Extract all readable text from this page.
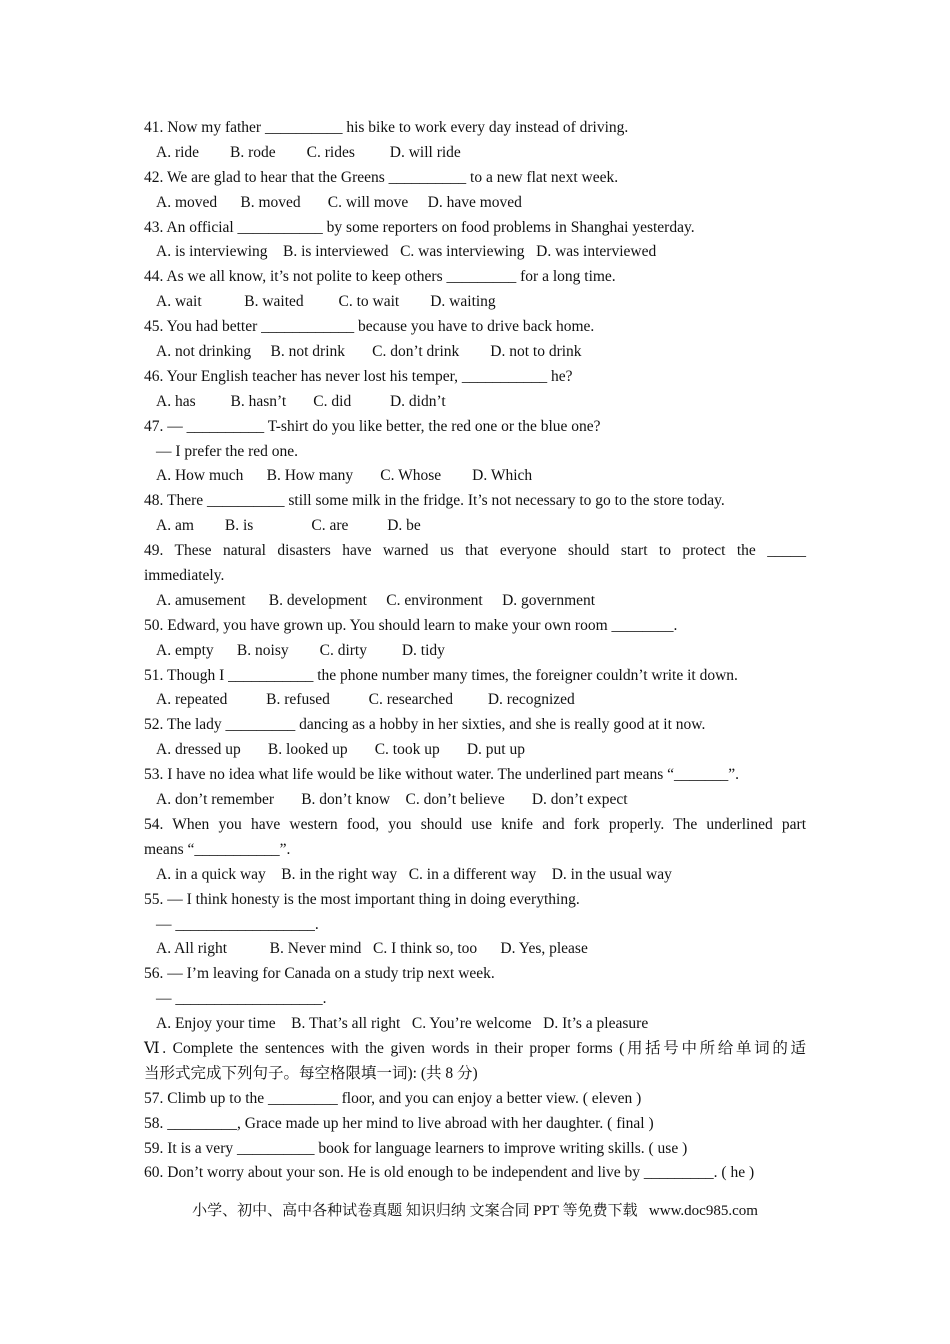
41. Now my father __________ his bike to work every day instead of driving.
A. ride        B. rode        C. rides         D. will ride
42. We are glad to hear that the Greens __________ to a new flat next week.
A. moved      B. moved       C. will move     D. have moved
43. An official ___________ by some reporters on food problems in Shanghai yesterday.
A. is interviewing    B. is interviewed   C. was interviewing   D. was interviewed
44. As we all know, it’s not polite to keep others _________ for a long time.
A. wait           B. waited         C. to wait        D. waiting
45. You had better ____________ because you have to drive back home.
A. not drinking     B. not drink       C. don’t drink        D. not to drink
46. Your English teacher has never lost his temper, ___________ he?
A. has         B. hasn’t       C. did          D. didn’t
47. — __________ T-shirt do you like better, the red one or the blue one?
— I prefer the red one.
A. How much      B. How many       C. Whose        D. Which
48. There __________ still some milk in the fridge. It’s not necessary to go to the store today.
A. am        B. is               C. are          D. be
49. These natural disasters have warned us that everyone should start to protect the _____
immediately.
A. amusement      B. development     C. environment     D. government
50. Edward, you have grown up. You should learn to make your own room ________.
A. empty      B. noisy        C. dirty         D. tidy
51. Though I ___________ the phone number many times, the foreigner couldn’t write it down.
A. repeated          B. refused          C. researched         D. recognized
52. The lady _________ dancing as a hobby in her sixties, and she is really good at it now.
A. dressed up       B. looked up       C. took up       D. put up
53. I have no idea what life would be like without water. The underlined part means “_______”.
A. don’t remember       B. don’t know    C. don’t believe       D. don’t expect
54. When you have western food, you should use knife and fork properly. The underlined part
means “___________”.
A. in a quick way    B. in the right way   C. in a different way    D. in the usual way
55. — I think honesty is the most important thing in doing everything.
— __________________.
A. All right           B. Never mind   C. I think so, too      D. Yes, please
56. — I’m leaving for Canada on a study trip next week.
— ___________________.
A. Enjoy your time    B. That’s all right   C. You’re welcome   D. It’s a pleasure
Ⅵ. Complete the sentences with the given words in their proper forms (用括号中所给单词的适
当形式完成下列句子。每空格限填一词): (共 8 分)
57. Climb up to the _________ floor, and you can enjoy a better view. ( eleven )
58. _________, Grace made up her mind to live abroad with her daughter. ( final )
59. It is a very __________ book for language learners to improve writing skills. ( use )
60. Don’t worry about your son. He is old enough to be independent and live by _________. ( he )
小学、初中、高中各种试卷真题 知识归纳 文案合同 PPT 等免费下载   www.doc985.com
